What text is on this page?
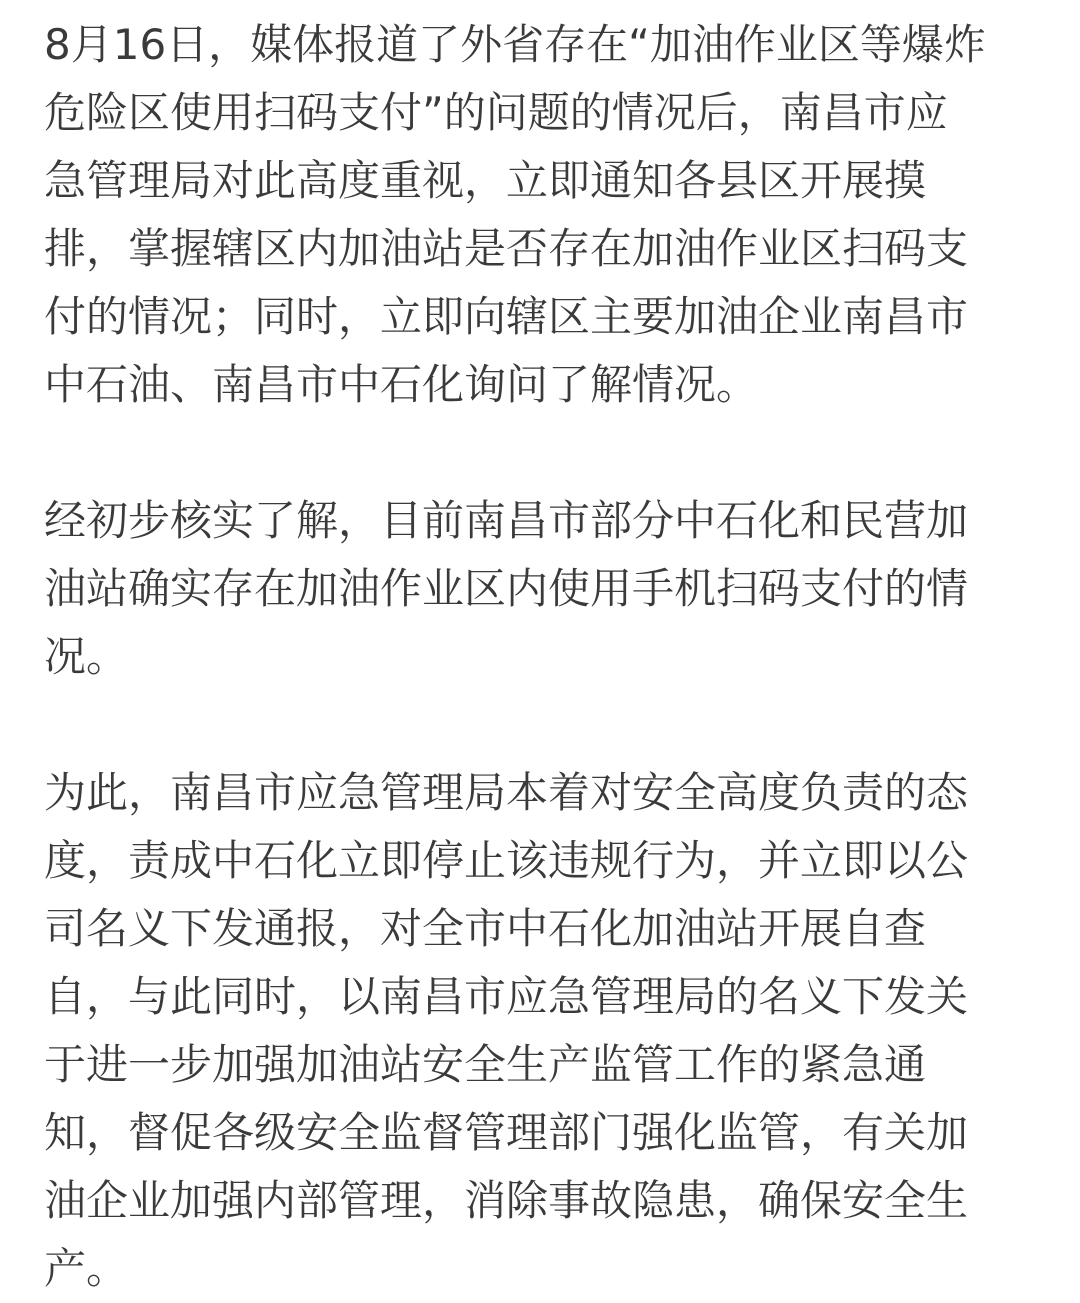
8月16日，媒体报道了外省存在“加油作业区等爆炸
危险区使用扫码支付”的问题的情况后，南昌市应
急管理局对此高度重视，立即通知各县区开展摸
排，掌握辖区内加油站是否存在加油作业区扫码支
付的情况；同时，立即向辖区主要加油企业南昌市
中石油、南昌市中石化询问了解情况。
经初步核实了解，目前南昌市部分中石化和民营加
油站确实存在加油作业区内使用手机扫码支付的情
况。
为此，南昌市应急管理局本着对安全高度负责的态
度，责成中石化立即停止该违规行为，并立即以公
司名义下发通报，对全市中石化加油站开展自查
自，与此同时，以南昌市应急管理局的名义下发关
于进一步加强加油站安全生产监管工作的紧急通
知，督促各级安全监督管理部门强化监管，有关加
油企业加强内部管理，消除事故隐患，确保安全生
产。
